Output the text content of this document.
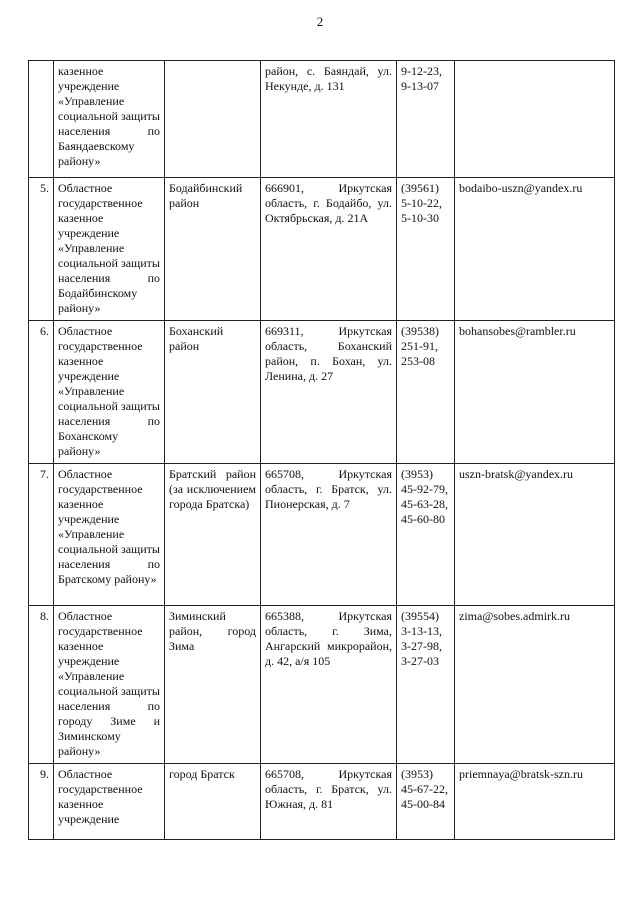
2
	казенное учреждение «Управление социальной защиты населения по Баяндаевскому району»		район, с. Баяндай, ул. Некунде, д. 131	9-12-23, 9-13-07	
5.	Областное государственное казенное учреждение «Управление социальной защиты населения по Бодайбинскому району»	Бодайбинский район	666901, Иркутская область, г. Бодайбо, ул. Октябрьская, д. 21А	(39561) 5-10-22, 5-10-30	bodaibo-uszn@yandex.ru
6.	Областное государственное казенное учреждение «Управление социальной защиты населения по Боханскому району»	Боханский район	669311, Иркутская область, Боханский район, п. Бохан, ул. Ленина, д. 27	(39538) 251-91, 253-08	bohansobes@rambler.ru
7.	Областное государственное казенное учреждение «Управление социальной защиты населения по Братскому району»	Братский район (за исключением города Братска)	665708, Иркутская область, г. Братск, ул. Пионерская, д. 7	(3953) 45-92-79, 45-63-28, 45-60-80	uszn-bratsk@yandex.ru
8.	Областное государственное казенное учреждение «Управление социальной защиты населения по городу Зиме и Зиминскому району»	Зиминский район, город Зима	665388, Иркутская область, г. Зима, Ангарский микрорайон, д. 42, а/я 105	(39554) 3-13-13, 3-27-98, 3-27-03	zima@sobes.admirk.ru
9.	Областное государственное казенное учреждение	город Братск	665708, Иркутская область, г. Братск, ул. Южная, д. 81	(3953) 45-67-22, 45-00-84	priemnaya@bratsk-szn.ru
